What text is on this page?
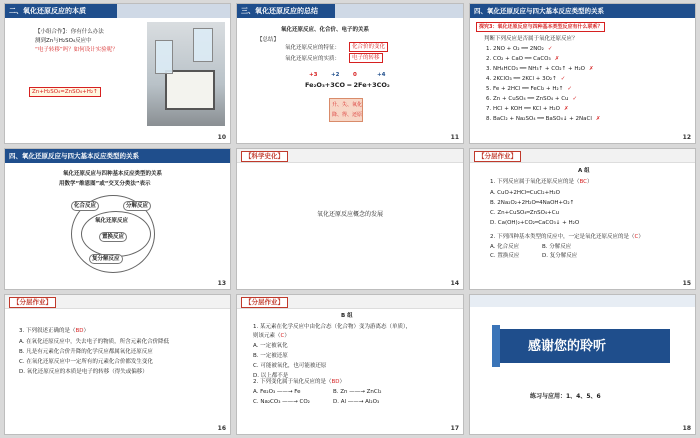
二、氧化还原反应的本质
【小组合作】：你有什么办法
测到Zn与H₂SO₄反应中
“电子转移”吗？如何设计实验呢？
Zn+H₂SO₄=ZnSO₄+H₂↑
10
三、氧化还原反应的总结
氧化还原反应、化合价、电子的关系
【总结】
氧化还原反应的特征：	化合价的变化
氧化还原反应的实质：	电子的转移
+3 +2 0	+4
Fe₂O₃+3CO ═ 2Fe+3CO₂
升、失、氧化
降、得、还原
11
四、氧化还原反应与四大基本反应类型的关系
探究3：氧化还原反应与四种基本类型反应有什么联系？
判断下列反应是否属于氧化还原反应？
1. 2NO + O₂ ══ 2NO₂ ✓
2. CO₂ + CaO ══ CaCO₃ ✗
3. NH₄HCO₃ ══ NH₃↑ + CO₂↑ + H₂O ✗
4. 2KClO₃ ══ 2KCl + 3O₂↑ ✓
5. Fe + 2HCl ══ FeCl₂ + H₂↑ ✓
6. Zn + CuSO₄ ══ ZnSO₄ + Cu ✓
7. HCl + KOH ══ KCl + H₂O ✗
8. BaCl₂ + Na₂SO₄ ══ BaSO₄↓ + 2NaCl ✗
12
四、氧化还原反应与四大基本反应类型的关系
氧化还原反应与四种基本反应类型的关系
用数学“维恩图”或“交叉分类法”表示
化合反应	分解反应
氧化还原反应
置换反应
复分解反应
13
【科学史化】
氧化还原反应概念的发展
14
【分层作业】
A 组
1. 下列反应属于氧化还原反应的是（BC）
A. CuO+2HCl═CuCl₂+H₂O
B. 2Na₂O₂+2H₂O═4NaOH+O₂↑
C. Zn+CuSO₄═ZnSO₄+Cu
D. Ca(OH)₂+CO₂═CaCO₃↓ + H₂O
2. 下列四种基本类型的反应中，一定是氧化还原反应的是（C）
A. 化合反应	B. 分解反应
C. 置换反应	D. 复分解反应
15
【分层作业】
3. 下列叙述正确的是（BD）
A. 在氧化还原反应中，失去电子的物质，所含元素化合价降低
B. 凡是有元素化合价升降的化学反应都属氧化还原反应
C. 在氧化还原反应中一定所有的元素化合价都发生变化
D. 氧化还原反应的本质是电子的转移（得失或偏移）
16
【分层作业】
B 组
1. 某元素在化学反应中由化合态（化合物）变为游离态（单质），
则该元素（C）
A. 一定被氧化
B. 一定被还原
C. 可能被氧化，也可能被还原
D. 以上都不是
2. 下列变化属于氧化反应的是（BD）
A. Fe₂O₃ ——→ Fe	B. Zn ——→ ZnCl₂
C. Na₂CO₃ ——→ CO₂	D. Al ——→ Al₂O₃
17
感谢您的聆听
练习与应用：1、4、5、6
18
